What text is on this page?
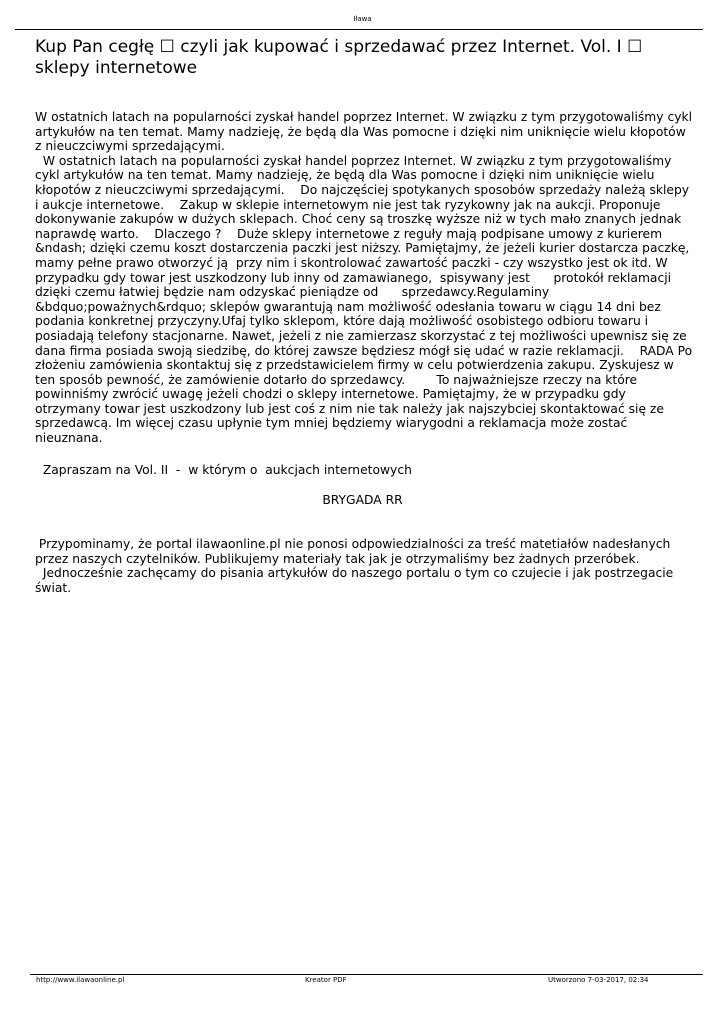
Iława
Kup Pan cegłę ☐ czyli jak kupować i sprzedawać przez Internet. Vol. I ☐ sklepy internetowe

W ostatnich latach na popularności zyskał handel poprzez Internet. W związku z tym przygotowaliśmy cykl artykułów na ten temat. Mamy nadzieję, że będą dla Was pomocne i dzięki nim uniknięcie wielu kłopotów z nieuczciwymi sprzedającymi.

W ostatnich latach na popularności zyskał handel poprzez Internet. W związku z tym przygotowaliśmy cykl artykułów na ten temat. Mamy nadzieję, że będą dla Was pomocne i dzięki nim uniknięcie wielu kłopotów z nieuczciwymi sprzedającymi.    Do najczęściej spotykanych sposobów sprzedaży należą sklepy i aukcje internetowe.    Zakup w sklepie internetowym nie jest tak ryzykowny jak na aukcji. Proponuje dokonywanie zakupów w dużych sklepach. Choć ceny są troszkę wyższe niż w tych mało znanych jednak naprawdę warto.    Dlaczego ?    Duże sklepy internetowe z reguły mają podpisane umowy z kurierem &ndash; dzięki czemu koszt dostarczenia paczki jest niższy. Pamiętajmy, że jeżeli kurier dostarcza paczkę, mamy pełne prawo otworzyć ją  przy nim i skontrolować zawartość paczki - czy wszystko jest ok itd. W przypadku gdy towar jest uszkodzony lub inny od zamawianego,  spisywany jest      protokół reklamacji dzięki czemu łatwiej będzie nam odzyskać pieniądze od      sprzedawcy.Regulaminy &bdquo;poważnych&rdquo; sklepów gwarantują nam możliwość odesłania towaru w ciągu 14 dni bez podania konkretnej przyczyny.Ufaj tylko sklepom, które dają możliwość osobistego odbioru towaru i posiadają telefony stacjonarne. Nawet, jeżeli z nie zamierzasz skorzystać z tej możliwości upewnisz się ze dana firma posiada swoją siedzibę, do której zawsze będziesz mógł się udać w razie reklamacji.    RADA Po złożeniu zamówienia skontaktuj się z przedstawicielem firmy w celu potwierdzenia zakupu. Zyskujesz w ten sposób pewność, że zamówienie dotarło do sprzedawcy.        To najważniejsze rzeczy na które powinniśmy zwrócić uwagę jeżeli chodzi o sklepy internetowe. Pamiętajmy, że w przypadku gdy otrzymany towar jest uszkodzony lub jest coś z nim nie tak należy jak najszybciej skontaktować się ze sprzedawcą. Im więcej czasu upłynie tym mniej będziemy wiarygodni a reklamacja może zostać nieuznana.

Zapraszam na Vol. II  -  w którym o  aukcjach internetowych
BRYGADA RR

Przypominamy, że portal ilawaonline.pl nie ponosi odpowiedzialności za treść matetiałów nadesłanych przez naszych czytelników. Publikujemy materiały tak jak je otrzymaliśmy bez żadnych przeróbek.

Jednocześnie zachęcamy do pisania artykułów do naszego portalu o tym co czujecie i jak postrzegacie świat.

http://www.ilawaonline.pl	Kreator PDF	Utworzono 7-03-2017, 02:34
